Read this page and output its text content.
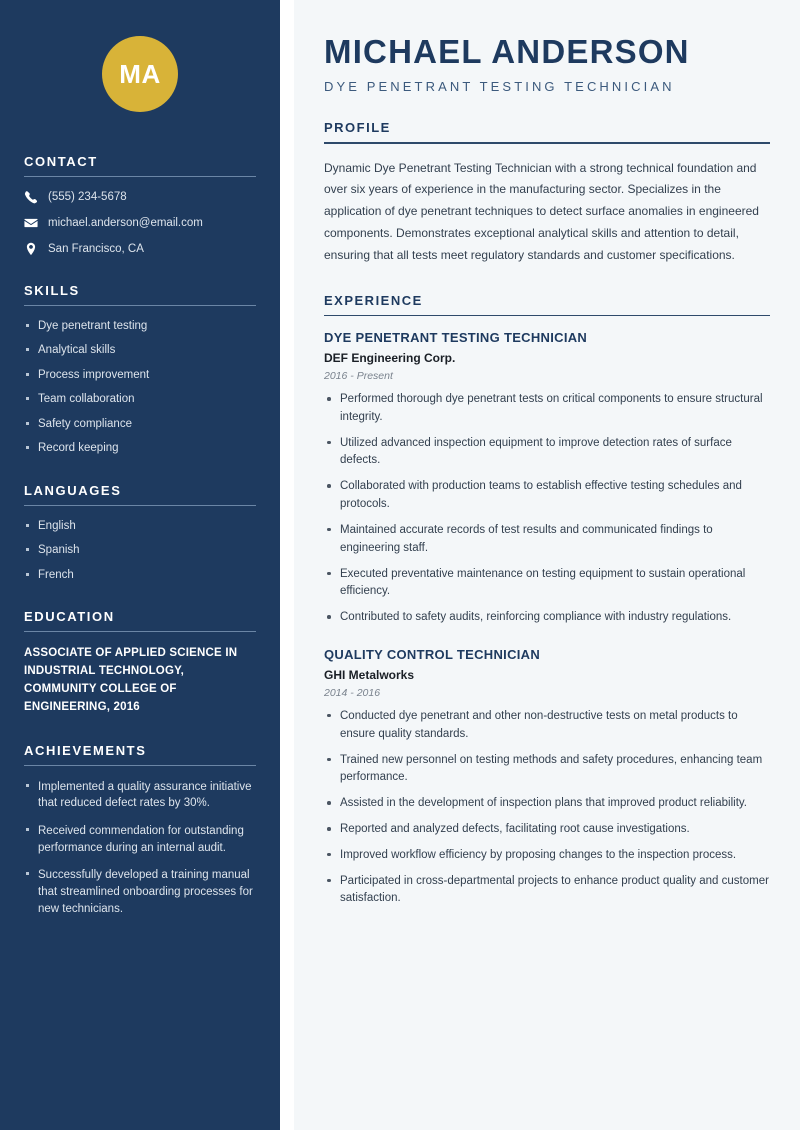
MA
CONTACT
(555) 234-5678
michael.anderson@email.com
San Francisco, CA
SKILLS
Dye penetrant testing
Analytical skills
Process improvement
Team collaboration
Safety compliance
Record keeping
LANGUAGES
English
Spanish
French
EDUCATION
ASSOCIATE OF APPLIED SCIENCE IN INDUSTRIAL TECHNOLOGY, COMMUNITY COLLEGE OF ENGINEERING, 2016
ACHIEVEMENTS
Implemented a quality assurance initiative that reduced defect rates by 30%.
Received commendation for outstanding performance during an internal audit.
Successfully developed a training manual that streamlined onboarding processes for new technicians.
MICHAEL ANDERSON
DYE PENETRANT TESTING TECHNICIAN
PROFILE

Dynamic Dye Penetrant Testing Technician with a strong technical foundation and over six years of experience in the manufacturing sector. Specializes in the application of dye penetrant techniques to detect surface anomalies in engineered components. Demonstrates exceptional analytical skills and attention to detail, ensuring that all tests meet regulatory standards and customer specifications.

EXPERIENCE
DYE PENETRANT TESTING TECHNICIAN
DEF Engineering Corp.
2016 - Present
Performed thorough dye penetrant tests on critical components to ensure structural integrity.
Utilized advanced inspection equipment to improve detection rates of surface defects.
Collaborated with production teams to establish effective testing schedules and protocols.
Maintained accurate records of test results and communicated findings to engineering staff.
Executed preventative maintenance on testing equipment to sustain operational efficiency.
Contributed to safety audits, reinforcing compliance with industry regulations.
QUALITY CONTROL TECHNICIAN
GHI Metalworks
2014 - 2016
Conducted dye penetrant and other non-destructive tests on metal products to ensure quality standards.
Trained new personnel on testing methods and safety procedures, enhancing team performance.
Assisted in the development of inspection plans that improved product reliability.
Reported and analyzed defects, facilitating root cause investigations.
Improved workflow efficiency by proposing changes to the inspection process.
Participated in cross-departmental projects to enhance product quality and customer satisfaction.
